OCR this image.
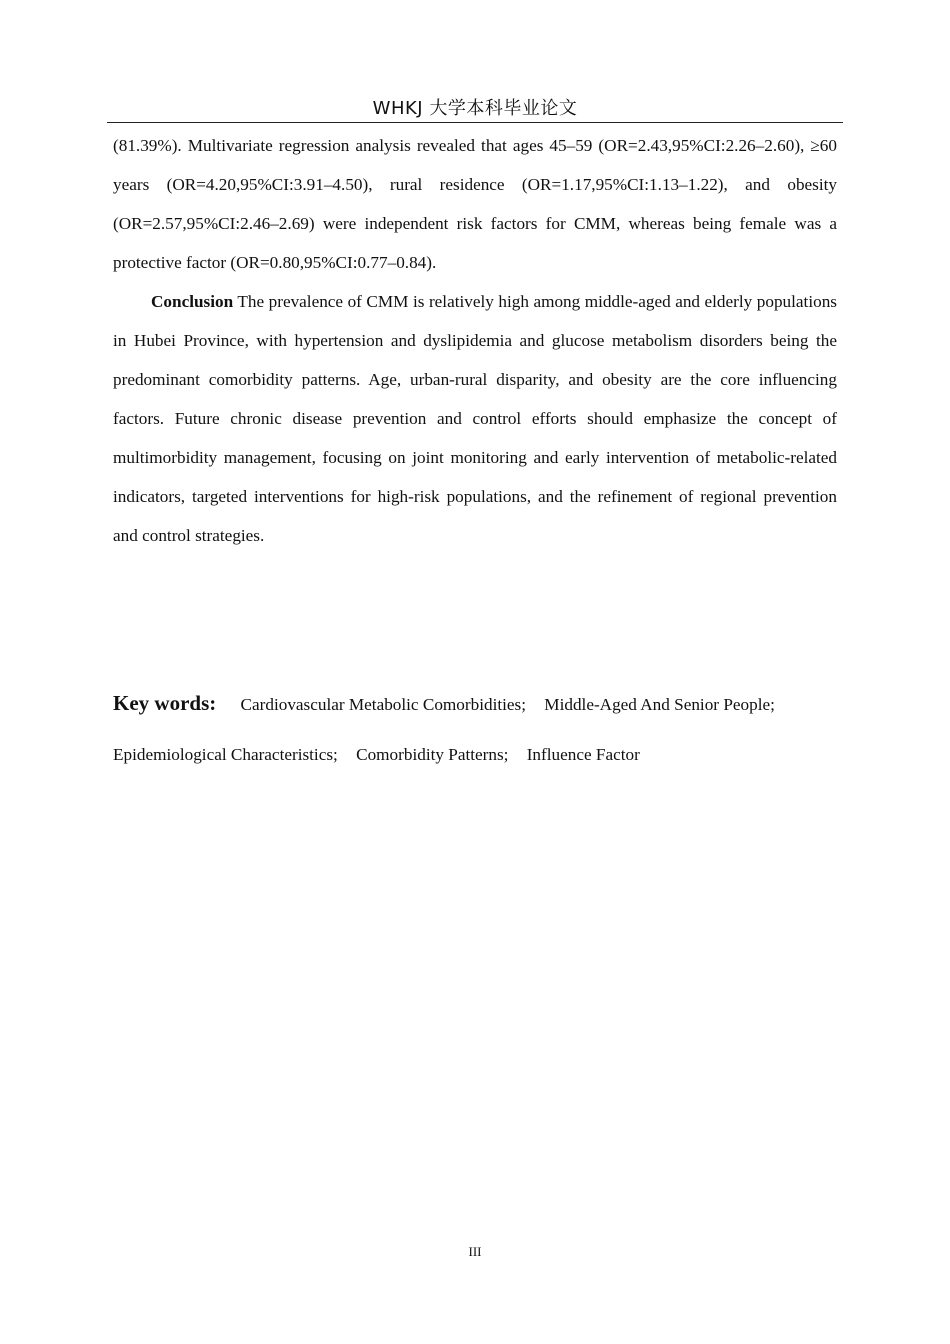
WHKJ 大学本科毕业论文

(81.39%). Multivariate regression analysis revealed that ages 45–59 (OR=2.43,95%CI:2.26–2.60), ≥60 years (OR=4.20,95%CI:3.91–4.50), rural residence (OR=1.17,95%CI:1.13–1.22), and obesity (OR=2.57,95%CI:2.46–2.69) were independent risk factors for CMM, whereas being female was a protective factor (OR=0.80,95%CI:0.77–0.84).

Conclusion The prevalence of CMM is relatively high among middle-aged and elderly populations in Hubei Province, with hypertension and dyslipidemia and glucose metabolism disorders being the predominant comorbidity patterns. Age, urban-rural disparity, and obesity are the core influencing factors. Future chronic disease prevention and control efforts should emphasize the concept of multimorbidity management, focusing on joint monitoring and early intervention of metabolic-related indicators, targeted interventions for high-risk populations, and the refinement of regional prevention and control strategies.

Key words: Cardiovascular Metabolic Comorbidities; Middle-Aged And Senior People; Epidemiological Characteristics; Comorbidity Patterns; Influence Factor
III
